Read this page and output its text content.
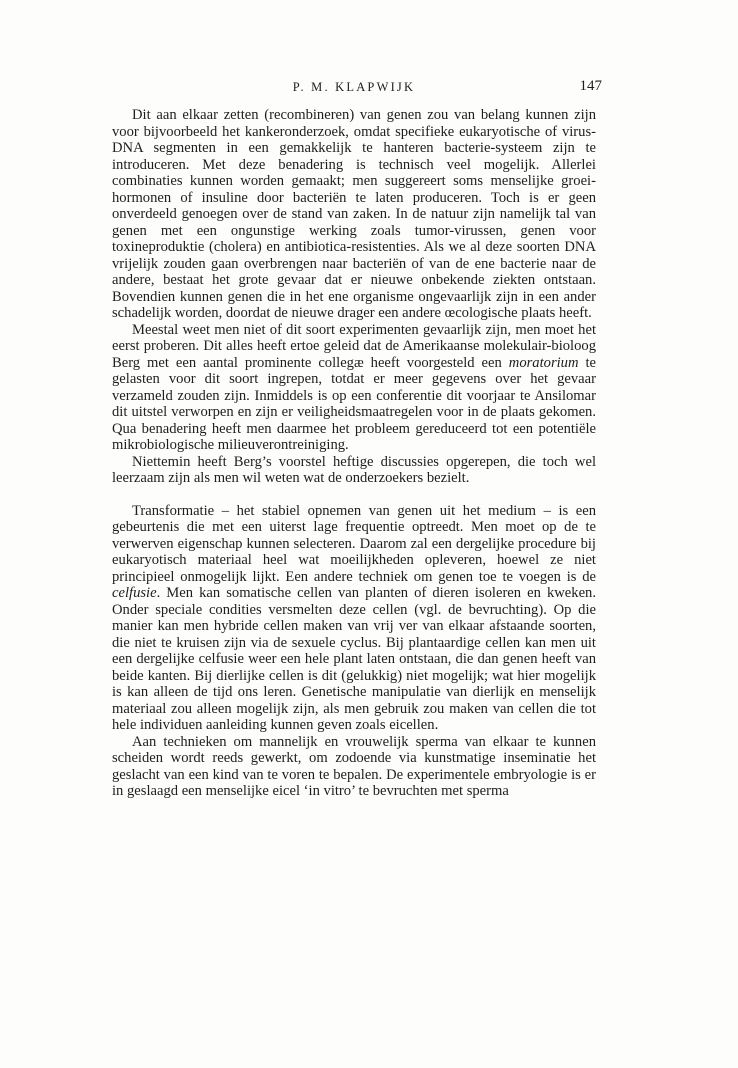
P. M. KLAPWIJK	147

Dit aan elkaar zetten (recombineren) van genen zou van belang kunnen zijn voor bijvoorbeeld het kankeronderzoek, omdat specifieke eukaryotische of virus-DNA segmenten in een gemakkelijk te hanteren bacterie-systeem zijn te introduceren. Met deze benadering is technisch veel mogelijk. Allerlei combinaties kunnen worden gemaakt; men suggereert soms menselijke groeihormonen of insuline door bacteriën te laten produceren. Toch is er geen onverdeeld genoegen over de stand van zaken. In de natuur zijn namelijk tal van genen met een ongunstige werking zoals tumor-virussen, genen voor toxineproduktie (cholera) en antibiotica-resistenties. Als we al deze soorten DNA vrijelijk zouden gaan overbrengen naar bacteriën of van de ene bacterie naar de andere, bestaat het grote gevaar dat er nieuwe onbekende ziekten ontstaan. Bovendien kunnen genen die in het ene organisme ongevaarlijk zijn in een ander schadelijk worden, doordat de nieuwe drager een andere œcologische plaats heeft.

Meestal weet men niet of dit soort experimenten gevaarlijk zijn, men moet het eerst proberen. Dit alles heeft ertoe geleid dat de Amerikaanse molekulair-bioloog Berg met een aantal prominente collegæ heeft voorgesteld een moratorium te gelasten voor dit soort ingrepen, totdat er meer gegevens over het gevaar verzameld zouden zijn. Inmiddels is op een conferentie dit voorjaar te Ansilomar dit uitstel verworpen en zijn er veiligheidsmaatregelen voor in de plaats gekomen. Qua benadering heeft men daarmee het probleem gereduceerd tot een potentiële mikrobiologische milieuverontreiniging.

Niettemin heeft Berg’s voorstel heftige discussies opgerepen, die toch wel leerzaam zijn als men wil weten wat de onderzoekers bezielt.

Transformatie – het stabiel opnemen van genen uit het medium – is een gebeurtenis die met een uiterst lage frequentie optreedt. Men moet op de te verwerven eigenschap kunnen selecteren. Daarom zal een dergelijke procedure bij eukaryotisch materiaal heel wat moeilijkheden opleveren, hoewel ze niet principieel onmogelijk lijkt. Een andere techniek om genen toe te voegen is de celfusie. Men kan somatische cellen van planten of dieren isoleren en kweken. Onder speciale condities versmelten deze cellen (vgl. de bevruchting). Op die manier kan men hybride cellen maken van vrij ver van elkaar afstaande soorten, die niet te kruisen zijn via de sexuele cyclus. Bij plantaardige cellen kan men uit een dergelijke celfusie weer een hele plant laten ontstaan, die dan genen heeft van beide kanten. Bij dierlijke cellen is dit (gelukkig) niet mogelijk; wat hier mogelijk is kan alleen de tijd ons leren. Genetische manipulatie van dierlijk en menselijk materiaal zou alleen mogelijk zijn, als men gebruik zou maken van cellen die tot hele individuen aanleiding kunnen geven zoals eicellen.

Aan technieken om mannelijk en vrouwelijk sperma van elkaar te kunnen scheiden wordt reeds gewerkt, om zodoende via kunstmatige inseminatie het geslacht van een kind van te voren te bepalen. De experimentele embryologie is er in geslaagd een menselijke eicel ‘in vitro’ te bevruchten met sperma
